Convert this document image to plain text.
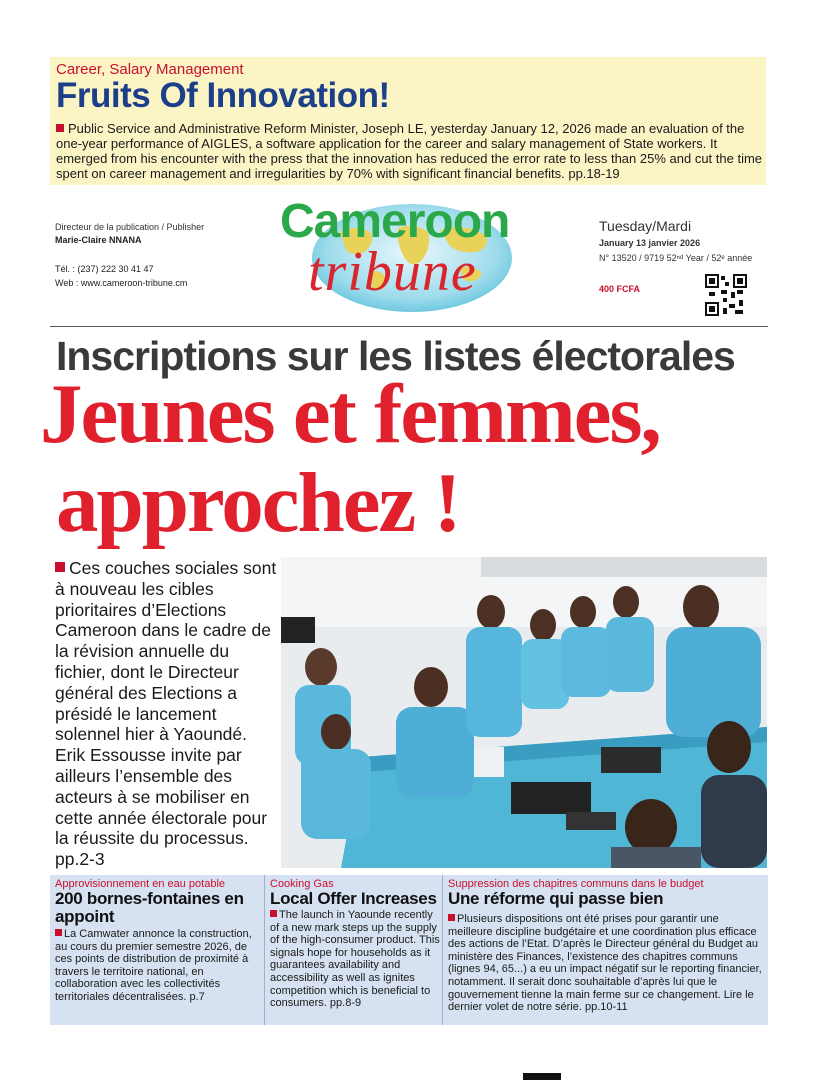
Career, Salary Management
Fruits Of Innovation!
Public Service and Administrative Reform Minister, Joseph LE, yesterday January 12, 2026 made an evaluation of the one-year performance of AIGLES, a software application for the career and salary management of State workers. It emerged from his encounter with the press that the innovation has reduced the error rate to less than 25% and cut the time spent on career management and irregularities by 70% with significant financial benefits. pp.18-19
Directeur de la publication / Publisher
Marie-Claire NNANA
Tél. : (237) 222 30 41 47
Web : www.cameroon-tribune.cm
Cameroon
tribune
Tuesday/Mardi
January 13 janvier 2026
N° 13520 / 9719 52ⁿᵈ Year / 52ᵉ année
400 FCFA
Inscriptions sur les listes électorales
Jeunes et femmes,
approchez !

Ces couches sociales sont à nouveau les cibles prioritaires d’Elections Cameroon dans le cadre de la révision annuelle du fichier, dont le Directeur général des Elections a présidé le lancement solennel hier à Yaoundé. Erik Essousse invite par ailleurs l’ensemble des acteurs à se mobiliser en cette année électorale pour la réussite du processus. pp.2-3

Approvisionnement en eau potable
200 bornes-fontaines en appoint
La Camwater annonce la construction, au cours du premier semestre 2026, de ces points de distribution de proximité à travers le territoire national, en collaboration avec les collectivités territoriales décentralisées. p.7
Cooking Gas
Local Offer Increases
The launch in Yaounde recently of a new mark steps up the supply of the high-consumer product. This signals hope for households as it guarantees availability and accessibility as well as ignites competition which is beneficial to consumers. pp.8-9
Suppression des chapitres communs dans le budget
Une réforme qui passe bien
Plusieurs dispositions ont été prises pour garantir une meilleure discipline budgétaire et une coordination plus efficace des actions de l’Etat. D’après le Directeur général du Budget au ministère des Finances, l’existence des chapitres communs (lignes 94, 65...) a eu un impact négatif sur le reporting financier, notamment. Il serait donc souhaitable d’après lui que le gouvernement tienne la main ferme sur ce changement. Lire le dernier volet de notre série. pp.10-11
